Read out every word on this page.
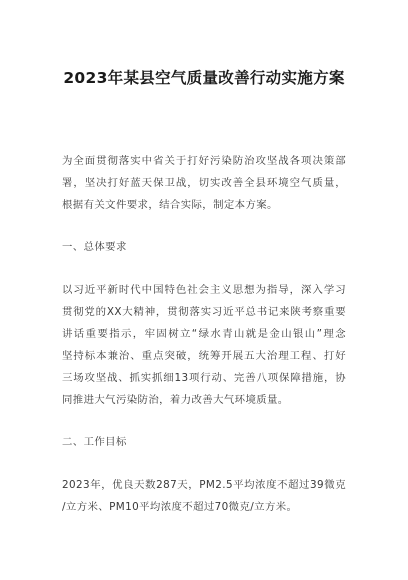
2023年某县空气质量改善行动实施方案
为全面贯彻落实中省关于打好污染防治攻坚战各项决策部
署，坚决打好蓝天保卫战，切实改善全县环境空气质量，
根据有关文件要求，结合实际，制定本方案。
一、总体要求
以习近平新时代中国特色社会主义思想为指导，深入学习
贯彻党的XX大精神，贯彻落实习近平总书记来陕考察重要
讲话重要指示，牢固树立“绿水青山就是金山银山”理念
坚持标本兼治、重点突破，统筹开展五大治理工程、打好
三场攻坚战、抓实抓细13项行动、完善八项保障措施，协
同推进大气污染防治，着力改善大气环境质量。
二、工作目标
2023年，优良天数287天，PM2.5平均浓度不超过39微克
/立方米、PM10平均浓度不超过70微克/立方米。
